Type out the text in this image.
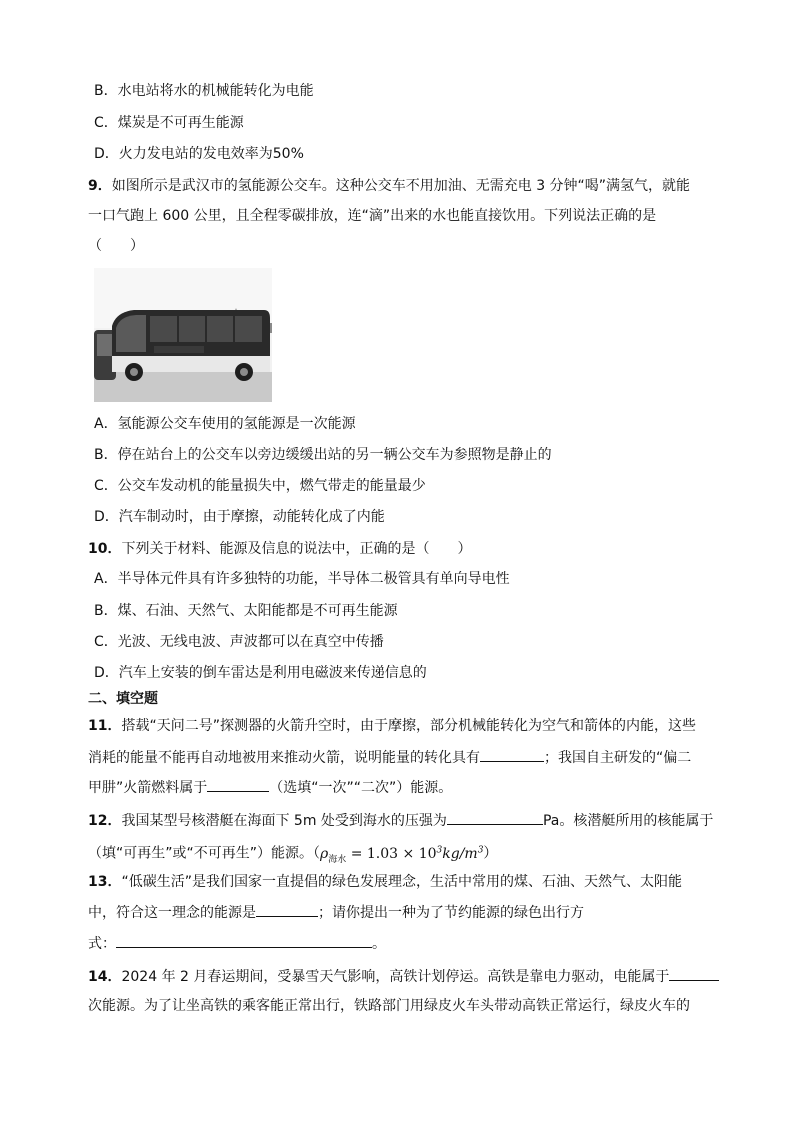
B．水电站将水的机械能转化为电能
C．煤炭是不可再生能源
D．火力发电站的发电效率为50%
9．如图所示是武汉市的氢能源公交车。这种公交车不用加油、无需充电 3 分钟“喝”满氢气，就能
一口气跑上 600 公里，且全程零碳排放，连“滴”出来的水也能直接饮用。下列说法正确的是
（　　）
A．氢能源公交车使用的氢能源是一次能源
B．停在站台上的公交车以旁边缓缓出站的另一辆公交车为参照物是静止的
C．公交车发动机的能量损失中，燃气带走的能量最少
D．汽车制动时，由于摩擦，动能转化成了内能
10．下列关于材料、能源及信息的说法中，正确的是（　　）
A．半导体元件具有许多独特的功能，半导体二极管具有单向导电性
B．煤、石油、天然气、太阳能都是不可再生能源
C．光波、无线电波、声波都可以在真空中传播
D．汽车上安装的倒车雷达是利用电磁波来传递信息的
二、填空题
11．搭载“天问二号”探测器的火箭升空时，由于摩擦，部分机械能转化为空气和箭体的内能，这些
消耗的能量不能再自动地被用来推动火箭，说明能量的转化具有	；我国自主研发的“偏二
甲肼”火箭燃料属于	（选填“一次”“二次”）能源。
12．我国某型号核潜艇在海面下 5m 处受到海水的压强为	Pa。核潜艇所用的核能属于
（填“可再生”或“不可再生”）能源。$(\rho_{海水} = 1.03 \times 10^3kg/m^3)$
13．“低碳生活”是我们国家一直提倡的绿色发展理念，生活中常用的煤、石油、天然气、太阳能
中，符合这一理念的能源是	；请你提出一种为了节约能源的绿色出行方
式：	。
14．2024 年 2 月春运期间，受暴雪天气影响，高铁计划停运。高铁是靠电力驱动，电能属于
次能源。为了让坐高铁的乘客能正常出行，铁路部门用绿皮火车头带动高铁正常运行，绿皮火车的
